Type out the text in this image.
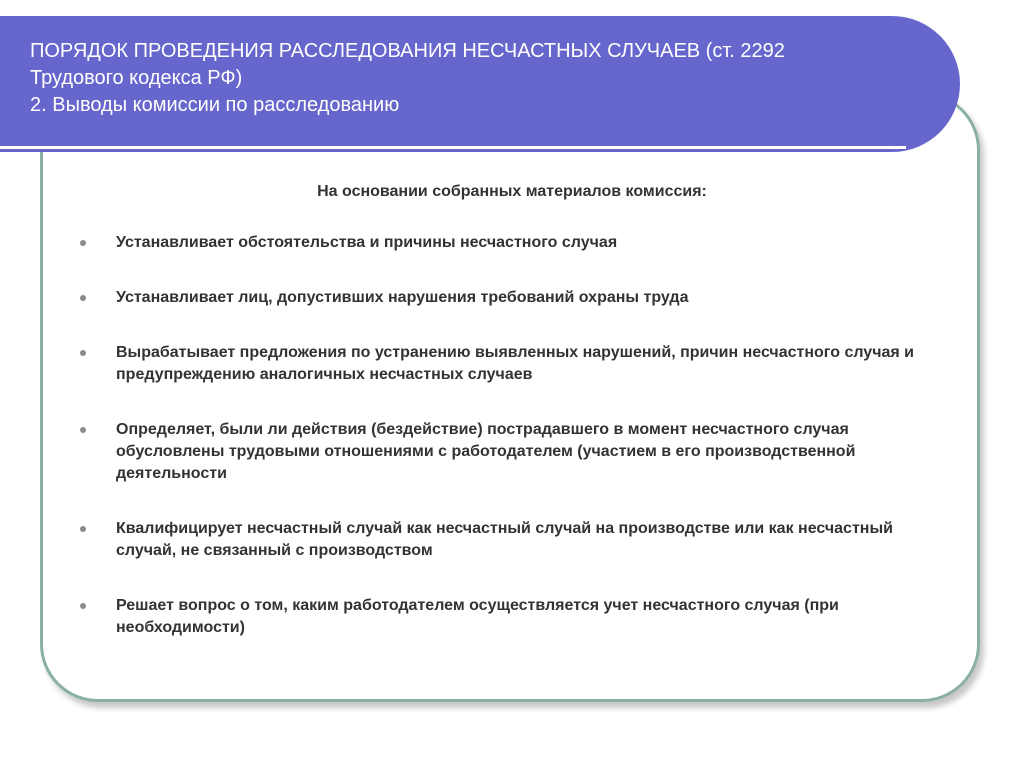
ПОРЯДОК ПРОВЕДЕНИЯ РАССЛЕДОВАНИЯ НЕСЧАСТНЫХ СЛУЧАЕВ (ст. 2292
Трудового кодекса РФ)
2. Выводы комиссии по расследованию

На основании собранных материалов комиссия:

Устанавливает обстоятельства и причины несчастного случая
Устанавливает лиц, допустивших нарушения требований охраны труда
Вырабатывает предложения по устранению выявленных нарушений, причин несчастного случая и предупреждению аналогичных несчастных случаев
Определяет, были ли действия (бездействие) пострадавшего в момент несчастного случая обусловлены трудовыми отношениями с работодателем (участием в его производственной деятельности
Квалифицирует несчастный случай как несчастный случай на производстве или как несчастный случай, не связанный с производством
Решает вопрос о том, каким работодателем осуществляется учет несчастного случая (при необходимости)
